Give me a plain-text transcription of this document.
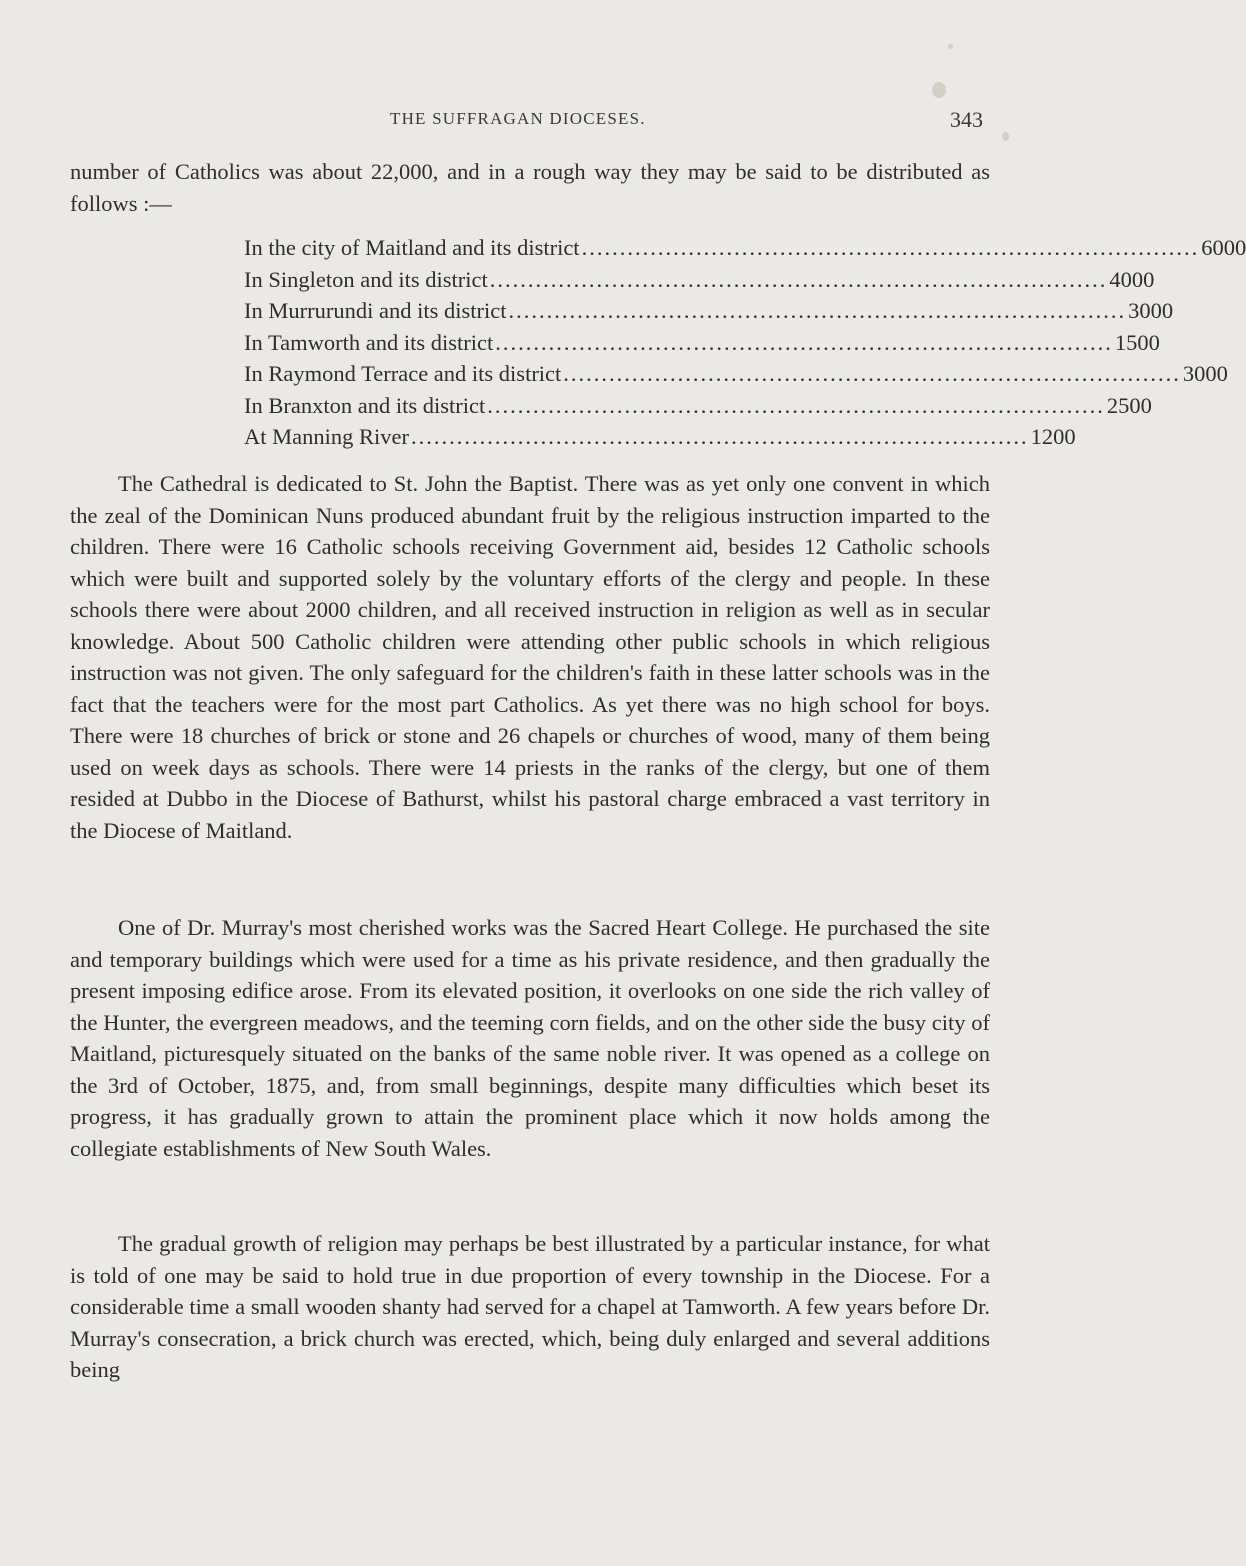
THE SUFFRAGAN DIOCESES.	343
number of Catholics was about 22,000, and in a rough way they may be said to be distributed as follows :—
In the city of Maitland and its district ................................................................................. 6000
In Singleton and its district ................................................................................. 4000
In Murrurundi and its district ................................................................................. 3000
In Tamworth and its district ................................................................................. 1500
In Raymond Terrace and its district ................................................................................. 3000
In Branxton and its district ................................................................................. 2500
At Manning River ................................................................................. 1200

The Cathedral is dedicated to St. John the Baptist. There was as yet only one convent in which the zeal of the Dominican Nuns produced abundant fruit by the religious instruction imparted to the children. There were 16 Catholic schools receiving Government aid, besides 12 Catholic schools which were built and supported solely by the voluntary efforts of the clergy and people. In these schools there were about 2000 children, and all received instruction in religion as well as in secular knowledge. About 500 Catholic children were attending other public schools in which religious instruction was not given. The only safeguard for the children's faith in these latter schools was in the fact that the teachers were for the most part Catholics. As yet there was no high school for boys. There were 18 churches of brick or stone and 26 chapels or churches of wood, many of them being used on week days as schools. There were 14 priests in the ranks of the clergy, but one of them resided at Dubbo in the Diocese of Bathurst, whilst his pastoral charge embraced a vast territory in the Diocese of Maitland.

One of Dr. Murray's most cherished works was the Sacred Heart College. He purchased the site and temporary buildings which were used for a time as his private residence, and then gradually the present imposing edifice arose. From its elevated position, it overlooks on one side the rich valley of the Hunter, the evergreen meadows, and the teeming corn fields, and on the other side the busy city of Maitland, picturesquely situated on the banks of the same noble river. It was opened as a college on the 3rd of October, 1875, and, from small beginnings, despite many difficulties which beset its progress, it has gradually grown to attain the prominent place which it now holds among the collegiate establishments of New South Wales.

The gradual growth of religion may perhaps be best illustrated by a particular instance, for what is told of one may be said to hold true in due proportion of every township in the Diocese. For a considerable time a small wooden shanty had served for a chapel at Tamworth. A few years before Dr. Murray's consecration, a brick church was erected, which, being duly enlarged and several additions being
